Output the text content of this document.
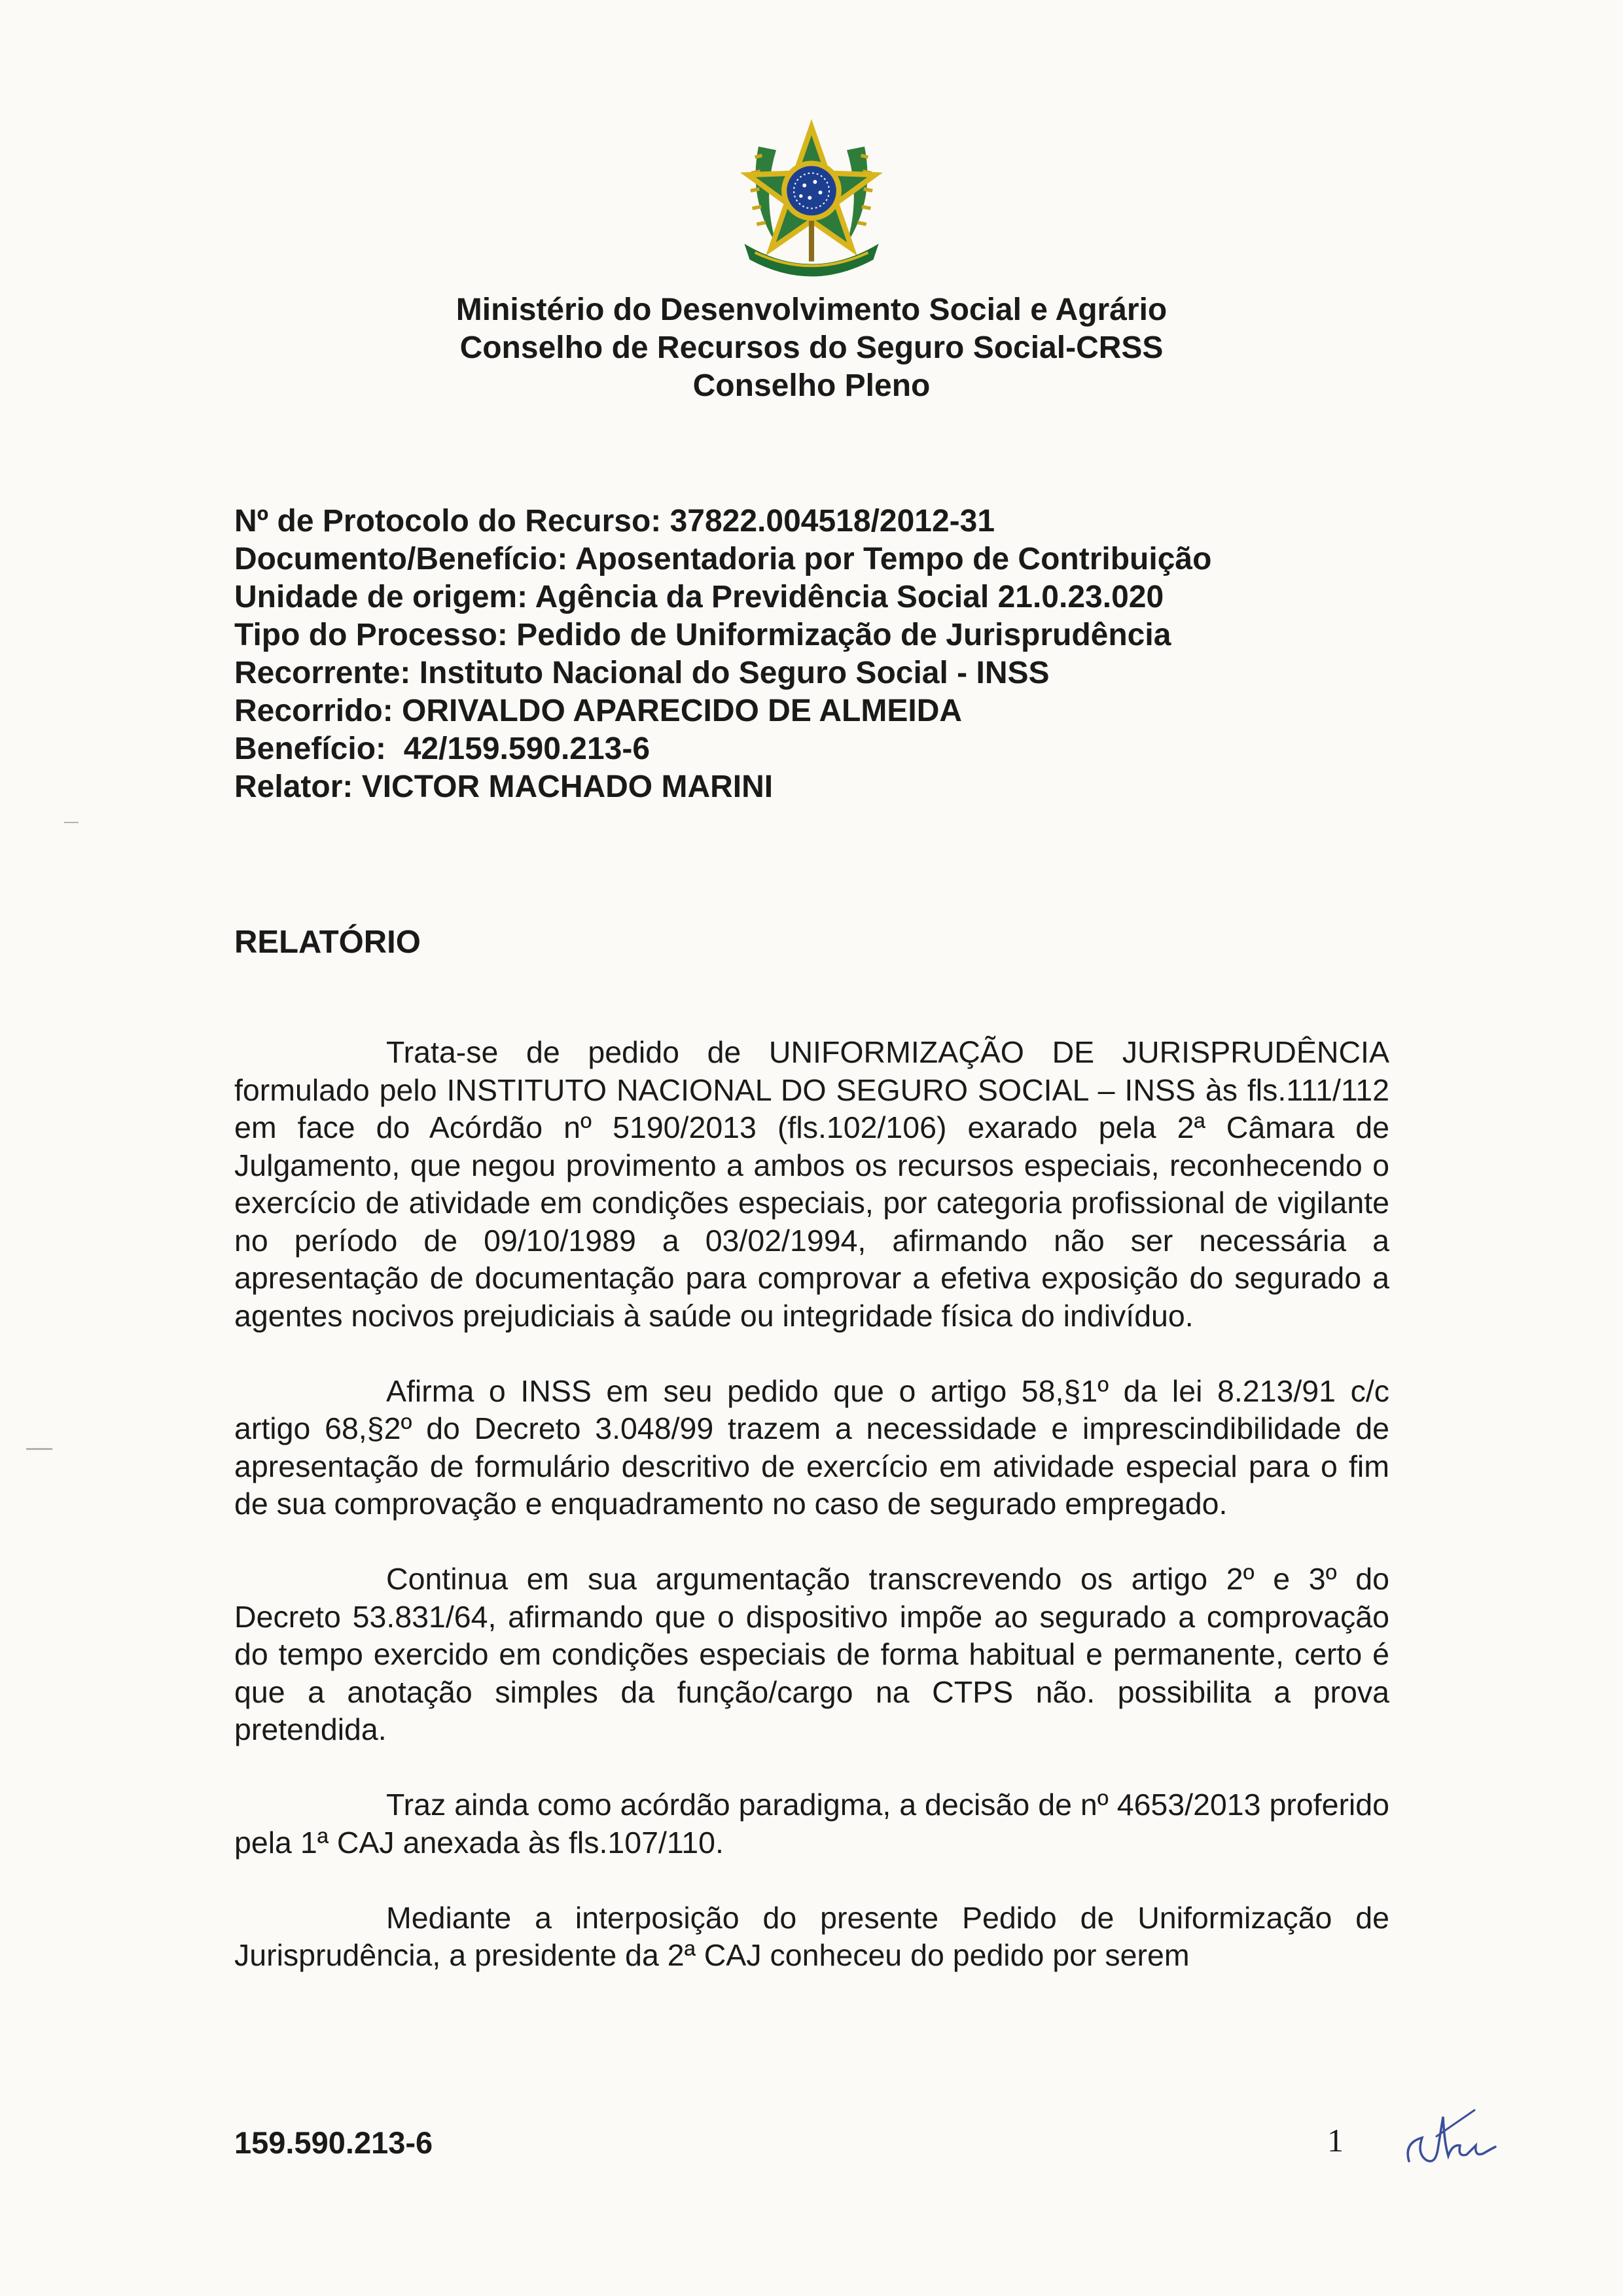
Ministério do Desenvolvimento Social e Agrário
Conselho de Recursos do Seguro Social-CRSS
Conselho Pleno
Nº de Protocolo do Recurso: 37822.004518/2012-31
Documento/Benefício: Aposentadoria por Tempo de Contribuição
Unidade de origem: Agência da Previdência Social 21.0.23.020
Tipo do Processo: Pedido de Uniformização de Jurisprudência
Recorrente: Instituto Nacional do Seguro Social - INSS
Recorrido: ORIVALDO APARECIDO DE ALMEIDA
Benefício:  42/159.590.213-6
Relator: VICTOR MACHADO MARINI
RELATÓRIO

Trata-se de pedido de UNIFORMIZAÇÃO DE JURISPRUDÊNCIA formulado pelo INSTITUTO NACIONAL DO SEGURO SOCIAL – INSS às fls.111/112 em face do Acórdão nº 5190/2013 (fls.102/106) exarado pela 2ª Câmara de Julgamento, que negou provimento a ambos os recursos especiais, reconhecendo o exercício de atividade em condições especiais, por categoria profissional de vigilante no período de 09/10/1989 a 03/02/1994, afirmando não ser necessária a apresentação de documentação para comprovar a efetiva exposição do segurado a agentes nocivos prejudiciais à saúde ou integridade física do indivíduo.

Afirma o INSS em seu pedido que o artigo 58,§1º da lei 8.213/91 c/c artigo 68,§2º do Decreto 3.048/99 trazem a necessidade e imprescindibilidade de apresentação de formulário descritivo de exercício em atividade especial para o fim de sua comprovação e enquadramento no caso de segurado empregado.

Continua em sua argumentação transcrevendo os artigo 2º e 3º do Decreto 53.831/64, afirmando que o dispositivo impõe ao segurado a comprovação do tempo exercido em condições especiais de forma habitual e permanente, certo é que a anotação simples da função/cargo na CTPS não. possibilita a prova pretendida.

Traz ainda como acórdão paradigma, a decisão de nº 4653/2013 proferido pela 1ª CAJ anexada às fls.107/110.

Mediante a interposição do presente Pedido de Uniformização de Jurisprudência, a presidente da 2ª CAJ conheceu do pedido por serem

159.590.213-6	1
